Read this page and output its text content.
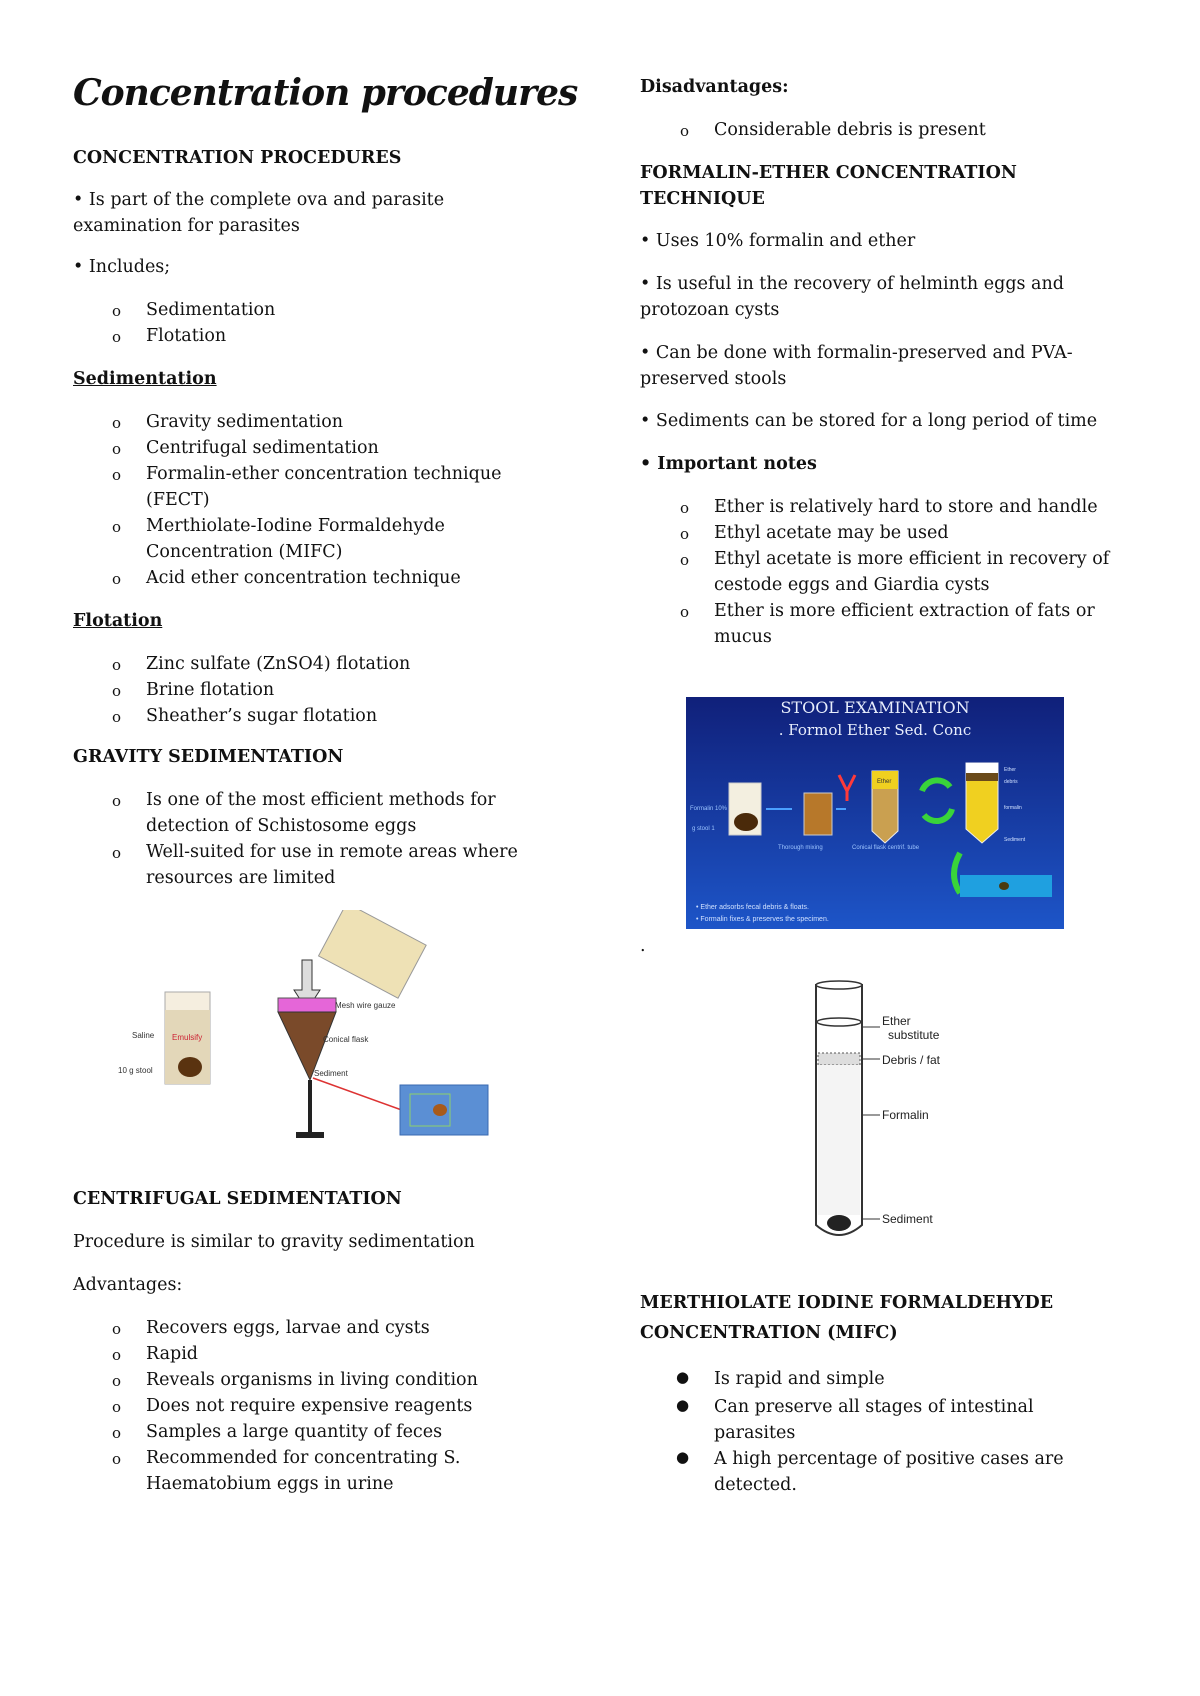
Concentration procedures
CONCENTRATION PROCEDURES
• Is part of the complete ova and parasite examination for parasites
• Includes;
o Sedimentation
o Flotation
Sedimentation
o Gravity sedimentation
o Centrifugal sedimentation
o Formalin-ether concentration technique (FECT)
o Merthiolate-Iodine Formaldehyde Concentration (MIFC)
o Acid ether concentration technique
Flotation
o Zinc sulfate (ZnSO4) flotation
o Brine flotation
o Sheather’s sugar flotation
GRAVITY SEDIMENTATION
o Is one of the most efficient methods for detection of Schistosome eggs
o Well-suited for use in remote areas where resources are limited
Emulsify
Saline
10 g stool
Mesh wire gauze
Conical flask
Sediment
CENTRIFUGAL SEDIMENTATION
Procedure is similar to gravity sedimentation
Advantages:
o Recovers eggs, larvae and cysts
o Rapid
o Reveals organisms in living condition
o Does not require expensive reagents
o Samples a large quantity of feces
o Recommended for concentrating S. Haematobium eggs in urine
Disadvantages:
o Considerable debris is present
FORMALIN-ETHER CONCENTRATION TECHNIQUE
• Uses 10% formalin and ether
• Is useful in the recovery of helminth eggs and protozoan cysts
• Can be done with formalin-preserved and PVA-preserved stools
• Sediments can be stored for a long period of time
• Important notes
o Ether is relatively hard to store and handle
o Ethyl acetate may be used
o Ethyl acetate is more efficient in recovery of cestode eggs and Giardia cysts
o Ether is more efficient extraction of fats or mucus
STOOL EXAMINATION
. Formol Ether Sed. Conc
Formalin 10%
g stool 1
Thorough mixing
Ether
Conical flask centrif. tube
Ether
debris
formalin
Sediment
• Ether adsorbs fecal debris & floats.
• Formalin fixes & preserves the specimen.
.
Ether
substitute
Debris / fat
Formalin
Sediment
MERTHIOLATE IODINE FORMALDEHYDE
CONCENTRATION (MIFC)
● Is rapid and simple
● Can preserve all stages of intestinal parasites
● A high percentage of positive cases are detected.
